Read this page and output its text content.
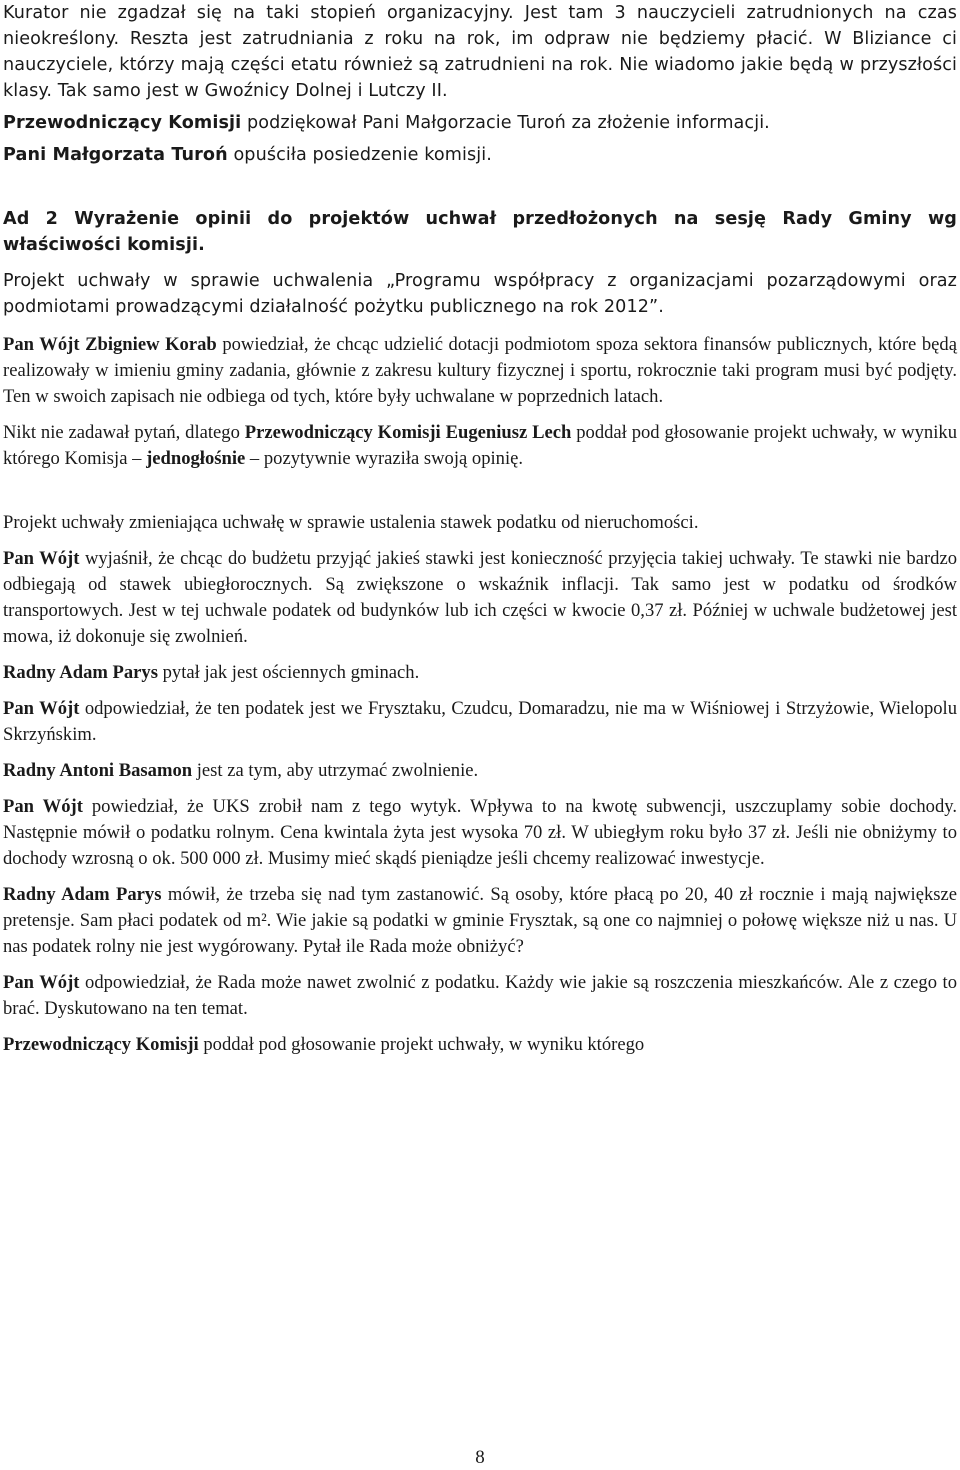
Kurator nie zgadzał się na taki stopień organizacyjny. Jest tam 3 nauczycieli zatrudnionych na czas nieokreślony. Reszta jest zatrudniania z roku na rok, im odpraw nie będziemy płacić. W Bliziance ci nauczyciele, którzy mają części etatu również są zatrudnieni na rok. Nie wiadomo jakie będą w przyszłości klasy. Tak samo jest w Gwoźnicy Dolnej i Lutczy II.

Przewodniczący Komisji podziękował Pani Małgorzacie Turoń za złożenie informacji.

Pani Małgorzata Turoń opuściła posiedzenie komisji.

Ad 2 Wyrażenie opinii do projektów uchwał przedłożonych na sesję Rady Gminy wg właściwości komisji.

Projekt uchwały w sprawie uchwalenia „Programu współpracy z organizacjami pozarządowymi oraz podmiotami prowadzącymi działalność pożytku publicznego na rok 2012”.

Pan Wójt Zbigniew Korab powiedział, że chcąc udzielić dotacji podmiotom spoza sektora finansów publicznych, które będą realizowały w imieniu gminy zadania, głównie z zakresu kultury fizycznej i sportu, rokrocznie taki program musi być podjęty. Ten w swoich zapisach nie odbiega od tych, które były uchwalane w poprzednich latach.

Nikt nie zadawał pytań, dlatego Przewodniczący Komisji Eugeniusz Lech poddał pod głosowanie projekt uchwały, w wyniku którego Komisja – jednogłośnie – pozytywnie wyraziła swoją opinię.

Projekt uchwały zmieniająca uchwałę w sprawie ustalenia stawek podatku od nieruchomości.

Pan Wójt wyjaśnił, że chcąc do budżetu przyjąć jakieś stawki jest konieczność przyjęcia takiej uchwały. Te stawki nie bardzo odbiegają od stawek ubiegłorocznych. Są zwiększone o wskaźnik inflacji. Tak samo jest w podatku od środków transportowych. Jest w tej uchwale podatek od budynków lub ich części w kwocie 0,37 zł. Później w uchwale budżetowej jest mowa, iż dokonuje się zwolnień.

Radny Adam Parys pytał jak jest ościennych gminach.

Pan Wójt odpowiedział, że ten podatek jest we Frysztaku, Czudcu, Domaradzu, nie ma w Wiśniowej i Strzyżowie, Wielopolu Skrzyńskim.

Radny Antoni Basamon jest za tym, aby utrzymać zwolnienie.

Pan Wójt powiedział, że UKS zrobił nam z tego wytyk. Wpływa to na kwotę subwencji, uszczuplamy sobie dochody. Następnie mówił o podatku rolnym. Cena kwintala żyta jest wysoka 70 zł. W ubiegłym roku było 37 zł. Jeśli nie obniżymy to dochody wzrosną o ok. 500 000 zł. Musimy mieć skądś pieniądze jeśli chcemy realizować inwestycje.

Radny Adam Parys mówił, że trzeba się nad tym zastanowić. Są osoby, które płacą po 20, 40 zł rocznie i mają największe pretensje. Sam płaci podatek od m². Wie jakie są podatki w gminie Frysztak, są one co najmniej o połowę większe niż u nas. U nas podatek rolny nie jest wygórowany. Pytał ile Rada może obniżyć?

Pan Wójt odpowiedział, że Rada może nawet zwolnić z podatku. Każdy wie jakie są roszczenia mieszkańców. Ale z czego to brać. Dyskutowano na ten temat.

Przewodniczący Komisji poddał pod głosowanie projekt uchwały, w wyniku którego

8
